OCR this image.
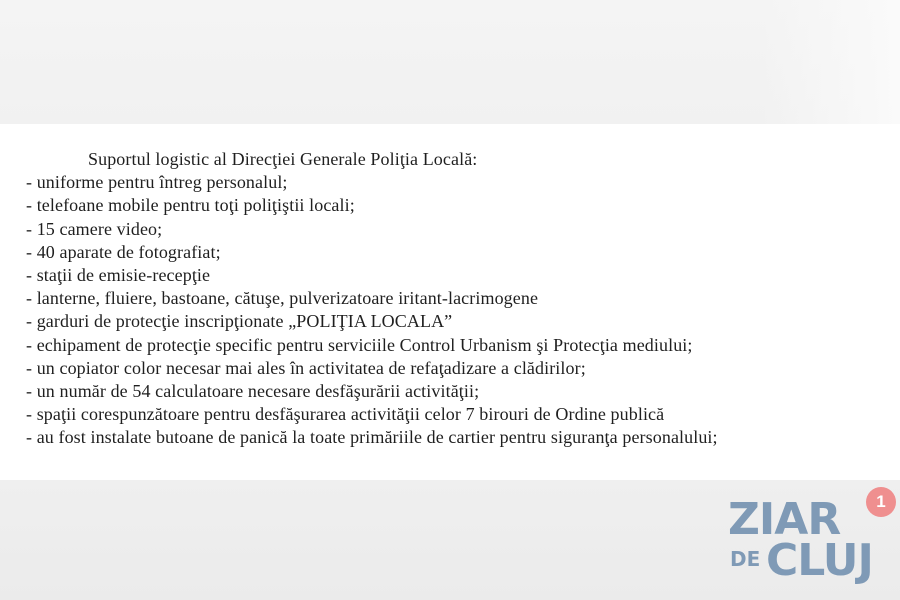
Suportul logistic al Direcţiei Generale Poliţia Locală:
- uniforme pentru întreg personalul;
- telefoane mobile pentru toţi poliţiştii locali;
- 15 camere video;
- 40 aparate de fotografiat;
- staţii de emisie-recepţie
- lanterne, fluiere, bastoane, cătuşe, pulverizatoare iritant-lacrimogene
- garduri de protecţie inscripţionate „POLIŢIA LOCALA”
- echipament de protecţie specific pentru serviciile Control Urbanism şi Protecţia mediului;
- un copiator color necesar mai ales în activitatea de refaţadizare a clădirilor;
- un număr de 54 calculatoare necesare desfăşurării activităţii;
- spaţii corespunzătoare pentru desfăşurarea activităţii celor 7 birouri de Ordine publică
- au fost instalate butoane de panică la toate primăriile de cartier pentru siguranţa personalului;
ZIAR
DE CLUJ
1
